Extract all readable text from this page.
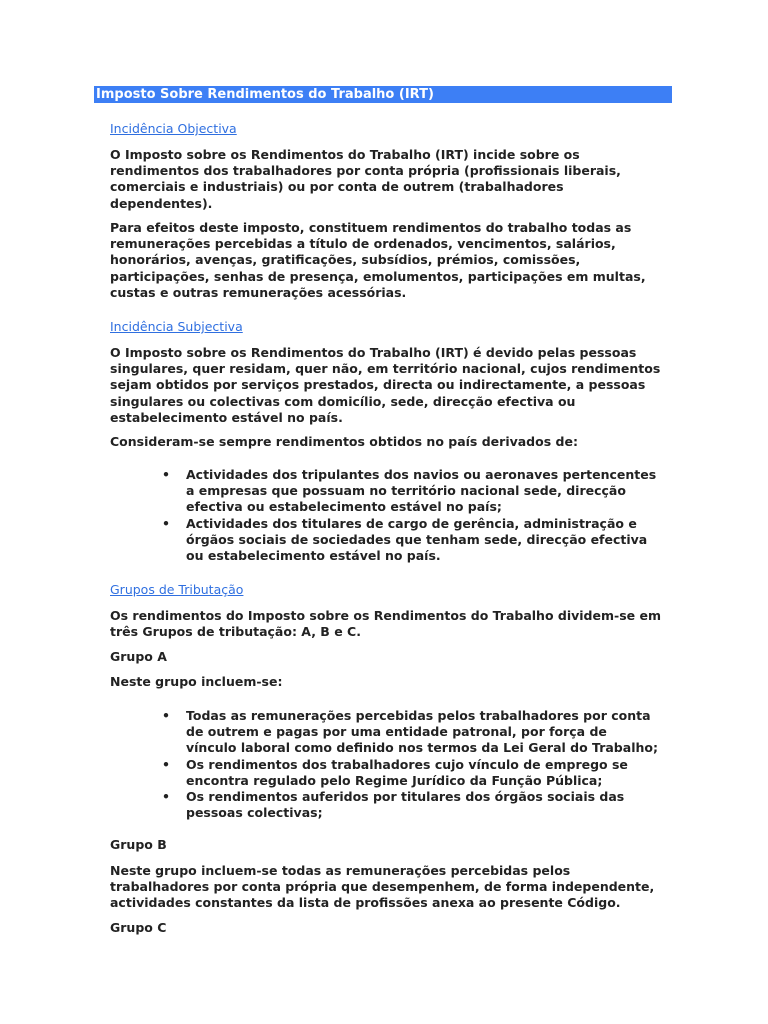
Imposto Sobre Rendimentos do Trabalho (IRT)
Incidência Objectiva
O Imposto sobre os Rendimentos do Trabalho (IRT) incide sobre os rendimentos dos trabalhadores por conta própria (profissionais liberais, comerciais e industriais) ou por conta de outrem (trabalhadores dependentes).
Para efeitos deste imposto, constituem rendimentos do trabalho todas as remunerações percebidas a título de ordenados, vencimentos, salários, honorários, avenças, gratificações, subsídios, prémios, comissões, participações, senhas de presença, emolumentos, participações em multas, custas e outras remunerações acessórias.
Incidência Subjectiva
O Imposto sobre os Rendimentos do Trabalho (IRT) é devido pelas pessoas singulares, quer residam, quer não, em território nacional, cujos rendimentos sejam obtidos por serviços prestados, directa ou indirectamente, a pessoas singulares ou colectivas com domicílio, sede, direcção efectiva ou estabelecimento estável no país.
Consideram-se sempre rendimentos obtidos no país derivados de:
• Actividades dos tripulantes dos navios ou aeronaves pertencentes a empresas que possuam no território nacional sede, direcção efectiva ou estabelecimento estável no país;
• Actividades dos titulares de cargo de gerência, administração e órgãos sociais de sociedades que tenham sede, direcção efectiva ou estabelecimento estável no país.
Grupos de Tributação
Os rendimentos do Imposto sobre os Rendimentos do Trabalho dividem-se em três Grupos de tributação: A, B e C.
Grupo A
Neste grupo incluem-se:
• Todas as remunerações percebidas pelos trabalhadores por conta de outrem e pagas por uma entidade patronal, por força de vínculo laboral como definido nos termos da Lei Geral do Trabalho;
• Os rendimentos dos trabalhadores cujo vínculo de emprego se encontra regulado pelo Regime Jurídico da Função Pública;
• Os rendimentos auferidos por titulares dos órgãos sociais das pessoas colectivas;
Grupo B
Neste grupo incluem-se todas as remunerações percebidas pelos trabalhadores por conta própria que desempenhem, de forma independente, actividades constantes da lista de profissões anexa ao presente Código.
Grupo C
